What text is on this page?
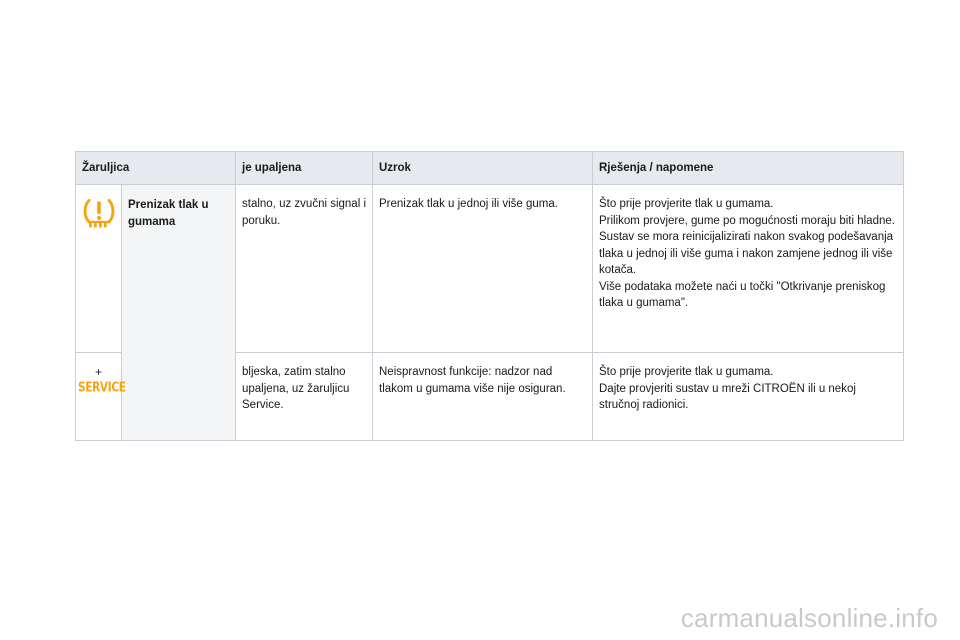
Žaruljica		je upaljena	Uzrok	Rješenja / napomene
	Prenizak tlak u gumama	stalno, uz zvučni signal i poruku.	Prenizak tlak u jednoj ili više guma.	Što prije provjerite tlak u gumama.
Prilikom provjere, gume po mogućnosti moraju biti hladne.
Sustav se mora reinicijalizirati nakon svakog podešavanja tlaka u jednoj ili više guma i nakon zamjene jednog ili više kotača.
Više podataka možete naći u točki "Otkrivanje preniskog tlaka u gumama".

+
SERVICE		bljeska, zatim stalno upaljena, uz žaruljicu Service.	Neispravnost funkcije: nadzor nad tlakom u gumama više nije osiguran.	Što prije provjerite tlak u gumama.
Dajte provjeriti sustav u mreži CITROËN ili u nekoj stručnoj radionici.
carmanualsonline.info
